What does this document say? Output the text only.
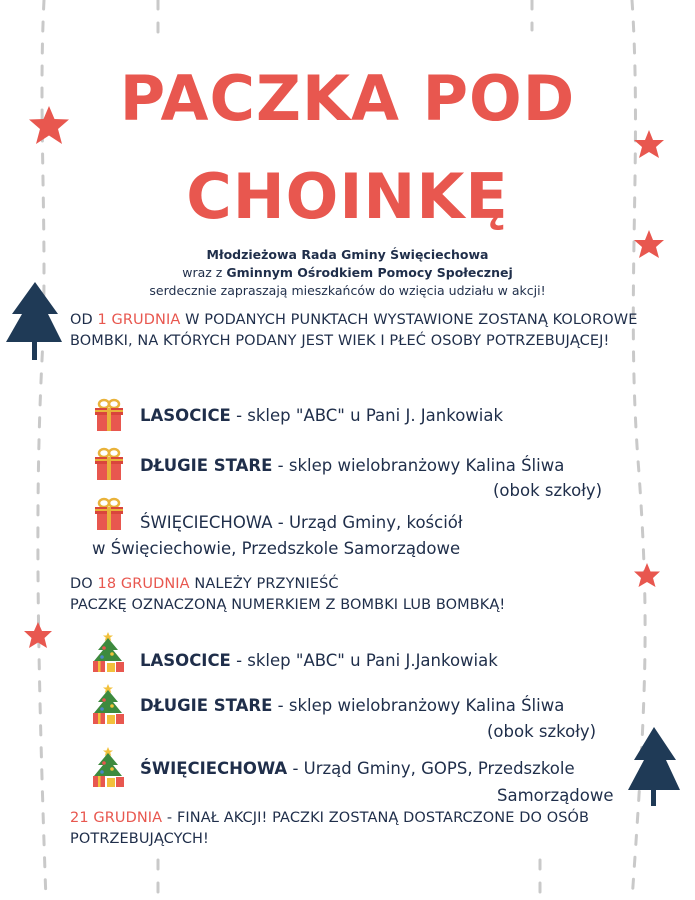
PACZKA POD
CHOINKĘ
Młodzieżowa Rada Gminy Święciechowa
wraz z Gminnym Ośrodkiem Pomocy Społecznej
serdecznie zapraszają mieszkańców do wzięcia udziału w akcji!
OD 1 GRUDNIA W PODANYCH PUNKTACH WYSTAWIONE ZOSTANĄ KOLOROWE BOMBKI, NA KTÓRYCH PODANY JEST WIEK I PŁEĆ OSOBY POTRZEBUJĄCEJ!
LASOCICE - sklep "ABC" u Pani J. Jankowiak
DŁUGIE STARE - sklep wielobranżowy Kalina Śliwa
(obok szkoły)
ŚWIĘCIECHOWA - Urząd Gminy, kościół
w Święciechowie, Przedszkole Samorządowe
DO 18 GRUDNIA NALEŻY PRZYNIEŚĆ
PACZKĘ OZNACZONĄ NUMERKIEM Z BOMBKI LUB BOMBKĄ!
LASOCICE - sklep "ABC" u Pani J.Jankowiak
DŁUGIE STARE - sklep wielobranżowy Kalina Śliwa
(obok szkoły)
ŚWIĘCIECHOWA - Urząd Gminy, GOPS, Przedszkole
Samorządowe
21 GRUDNIA - FINAŁ AKCJI! PACZKI ZOSTANĄ DOSTARCZONE DO OSÓB POTRZEBUJĄCYCH!
